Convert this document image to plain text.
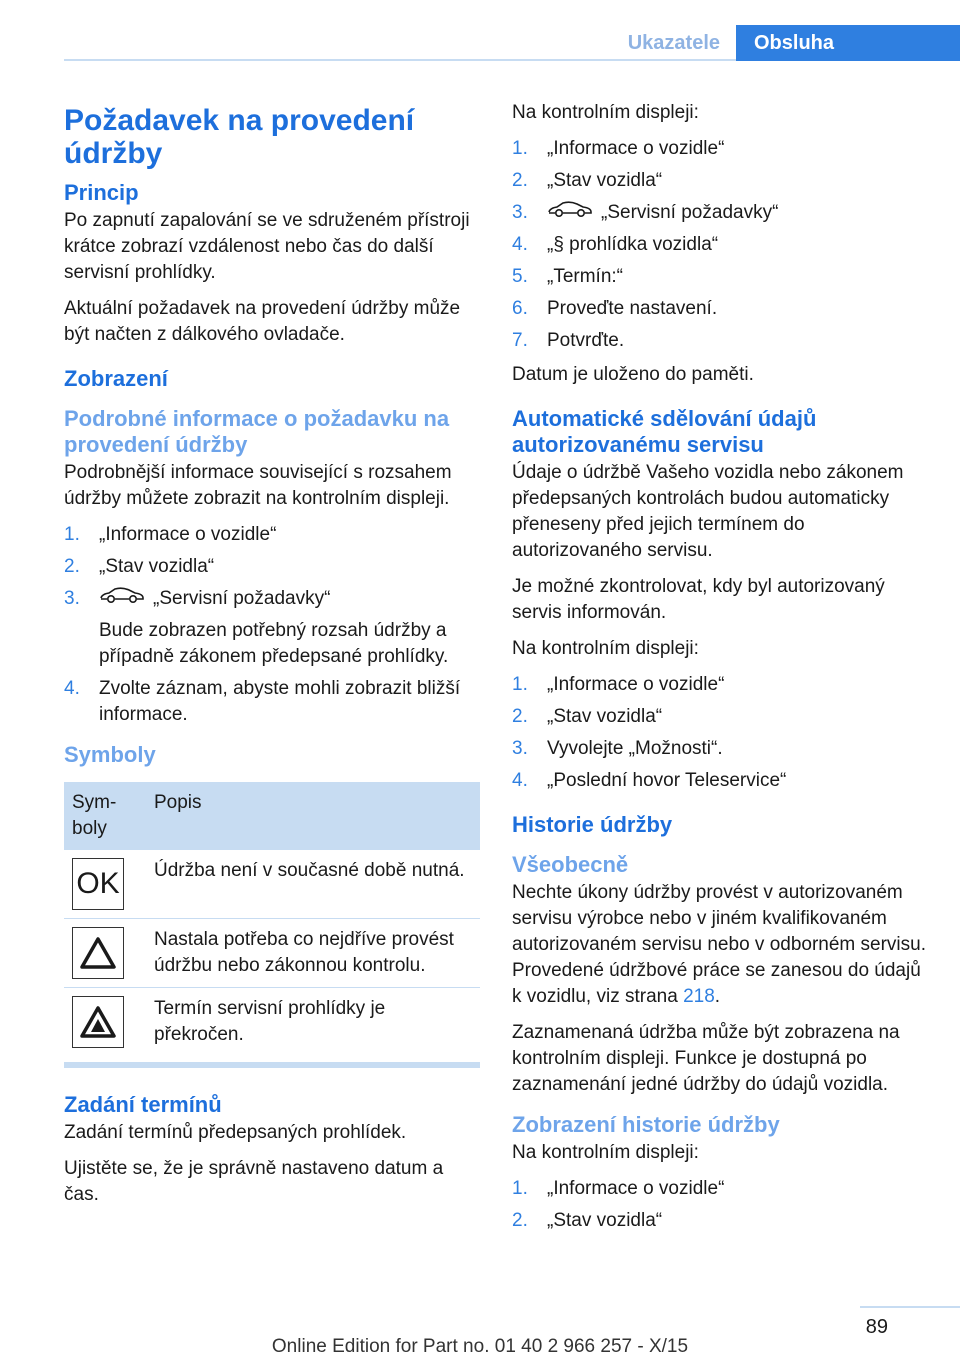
Ukazatele	Obsluha
Požadavek na provedení údržby
Princip

Po zapnutí zapalování se ve sdruženém přístroji krátce zobrazí vzdálenost nebo čas do další servisní prohlídky.

Aktuální požadavek na provedení údržby může být načten z dálkového ovladače.

Zobrazení
Podrobné informace o požadavku na provedení údržby

Podrobnější informace související s rozsahem údržby můžete zobrazit na kontrolním displeji.

1. „Informace o vozidle“
2. „Stav vozidla“
3.	„Servisní požadavky“
Bude zobrazen potřebný rozsah údržby a případně zákonem předepsané prohlídky.
4. Zvolte záznam, abyste mohli zobrazit bližší informace.
Symboly
Sym-boly	Popis

OK	Údržba není v současné době nutná.

	Nastala potřeba co nejdříve provést údržbu nebo zákonnou kontrolu.

	Termín servisní prohlídky je překročen.
Zadání termínů

Zadání termínů předepsaných prohlídek.

Ujistěte se, že je správně nastaveno datum a čas.

Na kontrolním displeji:

1. „Informace o vozidle“
2. „Stav vozidla“
3.	„Servisní požadavky“
4. „§ prohlídka vozidla“
5. „Termín:“
6. Proveďte nastavení.
7. Potvrďte.

Datum je uloženo do paměti.

Automatické sdělování údajů autorizovanému servisu

Údaje o údržbě Vašeho vozidla nebo zákonem předepsaných kontrolách budou automaticky přeneseny před jejich termínem do autorizovaného servisu.

Je možné zkontrolovat, kdy byl autorizovaný servis informován.

Na kontrolním displeji:

1. „Informace o vozidle“
2. „Stav vozidla“
3. Vyvolejte „Možnosti“.
4. „Poslední hovor Teleservice“
Historie údržby
Všeobecně

Nechte úkony údržby provést v autorizovaném servisu výrobce nebo v jiném kvalifikovaném autorizovaném servisu nebo v odborném servisu. Provedené údržbové práce se zanesou do údajů k vozidlu, viz strana 218.

Zaznamenaná údržba může být zobrazena na kontrolním displeji. Funkce je dostupná po zaznamenání jedné údržby do údajů vozidla.

Zobrazení historie údržby

Na kontrolním displeji:

1. „Informace o vozidle“
2. „Stav vozidla“
89
Online Edition for Part no. 01 40 2 966 257 - X/15
